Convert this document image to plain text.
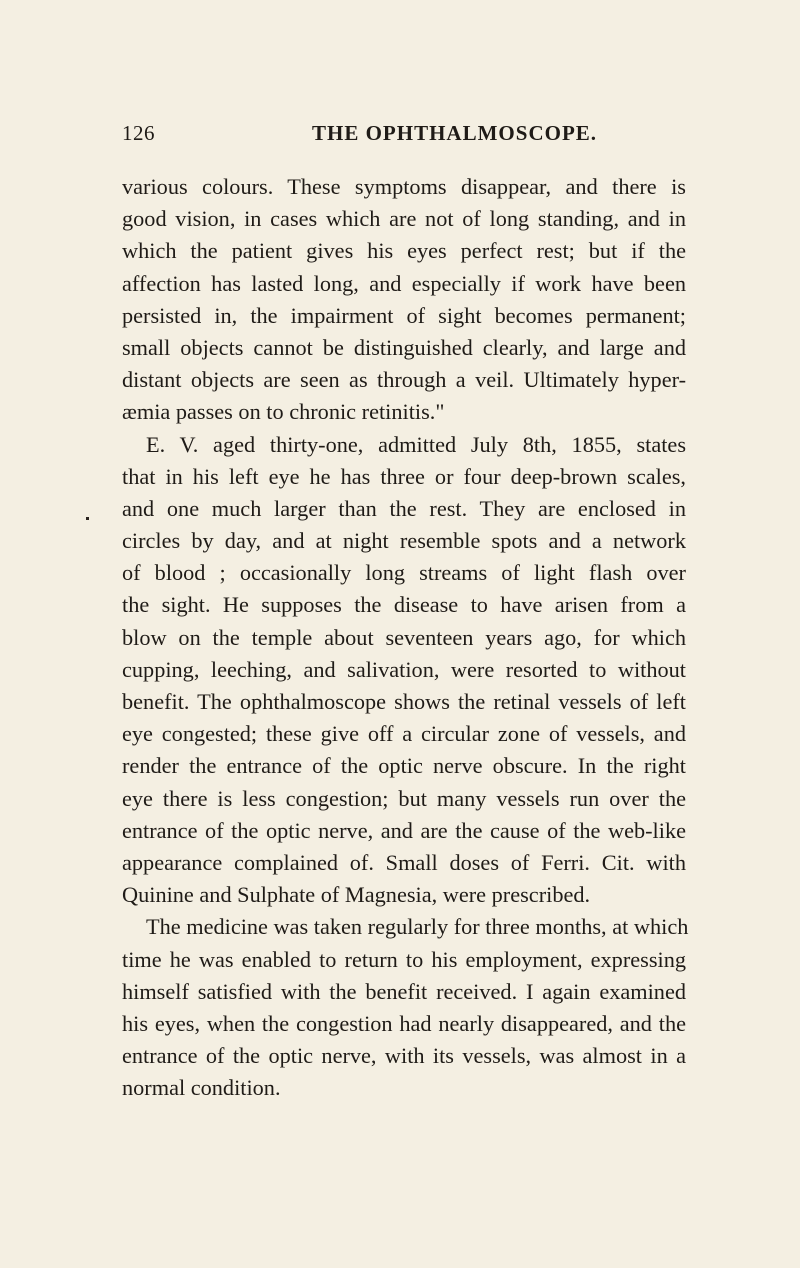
126	THE OPHTHALMOSCOPE.
various colours. These symptoms disappear, and there is
good vision, in cases which are not of long standing, and in
which the patient gives his eyes perfect rest; but if the
affection has lasted long, and especially if work have been
persisted in, the impairment of sight becomes permanent;
small objects cannot be distinguished clearly, and large and
distant objects are seen as through a veil. Ultimately hyper-
æmia passes on to chronic retinitis."
E. V. aged thirty-one, admitted July 8th, 1855, states
that in his left eye he has three or four deep-brown scales,
and one much larger than the rest. They are enclosed in
circles by day, and at night resemble spots and a network
of blood ; occasionally long streams of light flash over
the sight. He supposes the disease to have arisen from a
blow on the temple about seventeen years ago, for which
cupping, leeching, and salivation, were resorted to without
benefit. The ophthalmoscope shows the retinal vessels of left
eye congested; these give off a circular zone of vessels, and
render the entrance of the optic nerve obscure. In the right
eye there is less congestion; but many vessels run over the
entrance of the optic nerve, and are the cause of the web-like
appearance complained of. Small doses of Ferri. Cit. with
Quinine and Sulphate of Magnesia, were prescribed.
The medicine was taken regularly for three months, at which
time he was enabled to return to his employment, expressing
himself satisfied with the benefit received. I again examined
his eyes, when the congestion had nearly disappeared, and the
entrance of the optic nerve, with its vessels, was almost in a
normal condition.
